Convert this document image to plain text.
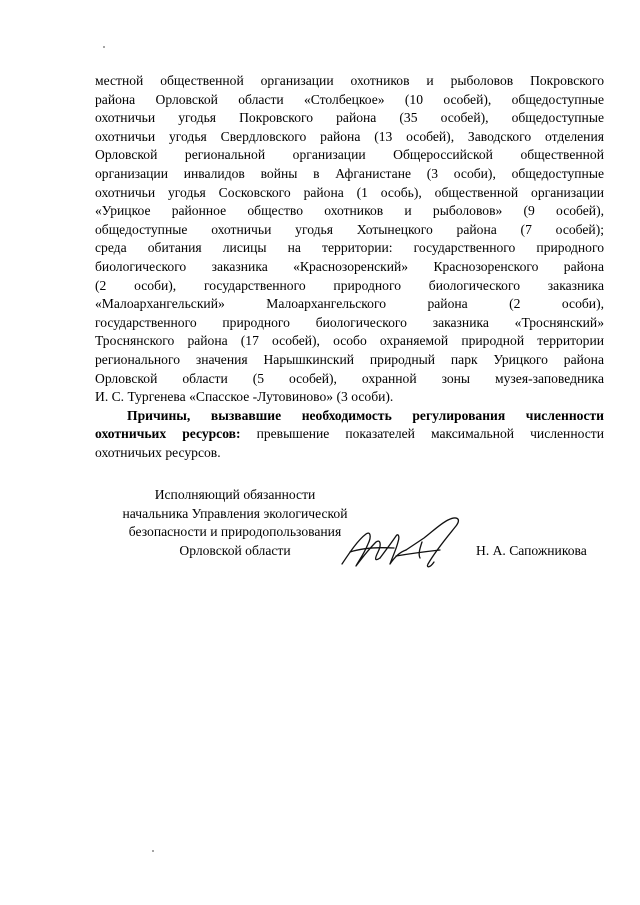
местной общественной организации охотников и рыболовов Покровского
района Орловской области «Столбецкое» (10 особей), общедоступные
охотничьи угодья Покровского района (35 особей), общедоступные
охотничьи угодья Свердловского района (13 особей), Заводского отделения
Орловской региональной организации Общероссийской общественной
организации инвалидов войны в Афганистане (3 особи), общедоступные
охотничьи угодья Сосковского района (1 особь), общественной организации
«Урицкое районное общество охотников и рыболовов» (9 особей),
общедоступные охотничьи угодья Хотынецкого района (7 особей);
среда обитания лисицы на территории: государственного природного
биологического заказника «Краснозоренский» Краснозоренского района
(2 особи), государственного природного биологического заказника
«Малоархангельский» Малоархангельского района (2 особи),
государственного природного биологического заказника «Троснянский»
Троснянского района (17 особей), особо охраняемой природной территории
регионального значения Нарышкинский природный парк Урицкого района
Орловской области (5 особей), охранной зоны музея-заповедника
И. С. Тургенева «Спасское -Лутовиново» (3 особи).
Причины, вызвавшие необходимость регулирования численности
охотничьих ресурсов: превышение показателей максимальной численности
охотничьих ресурсов.
Исполняющий обязанности
начальника Управления экологической
безопасности и природопользования
Орловской области	Н. А. Сапожникова
